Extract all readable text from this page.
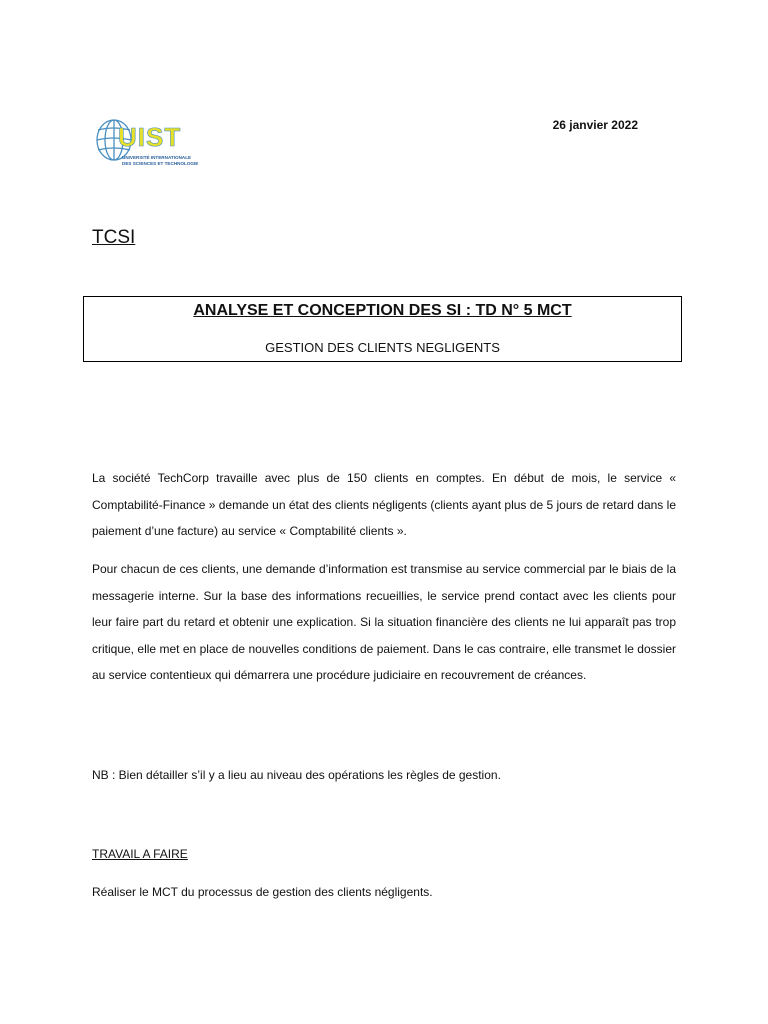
UIST
UNIVERSITÉ INTERNATIONALE
DES SCIENCES ET TECHNOLOGIE
26 janvier 2022
TCSI
ANALYSE ET CONCEPTION DES SI : TD N° 5 MCT
GESTION DES CLIENTS NEGLIGENTS

La société TechCorp travaille avec plus de 150 clients en comptes. En début de mois, le service « Comptabilité-Finance » demande un état des clients négligents (clients ayant plus de 5 jours de retard dans le paiement d’une facture) au service « Comptabilité clients ».

Pour chacun de ces clients, une demande d’information est transmise au service commercial par le biais de la messagerie interne. Sur la base des informations recueillies, le service prend contact avec les clients pour leur faire part du retard et obtenir une explication. Si la situation financière des clients ne lui apparaît pas trop critique, elle met en place de nouvelles conditions de paiement. Dans le cas contraire, elle transmet le dossier au service contentieux qui démarrera une procédure judiciaire en recouvrement de créances.

NB : Bien détailler s’il y a lieu au niveau des opérations les règles de gestion.
TRAVAIL A FAIRE
Réaliser le MCT du processus de gestion des clients négligents.
